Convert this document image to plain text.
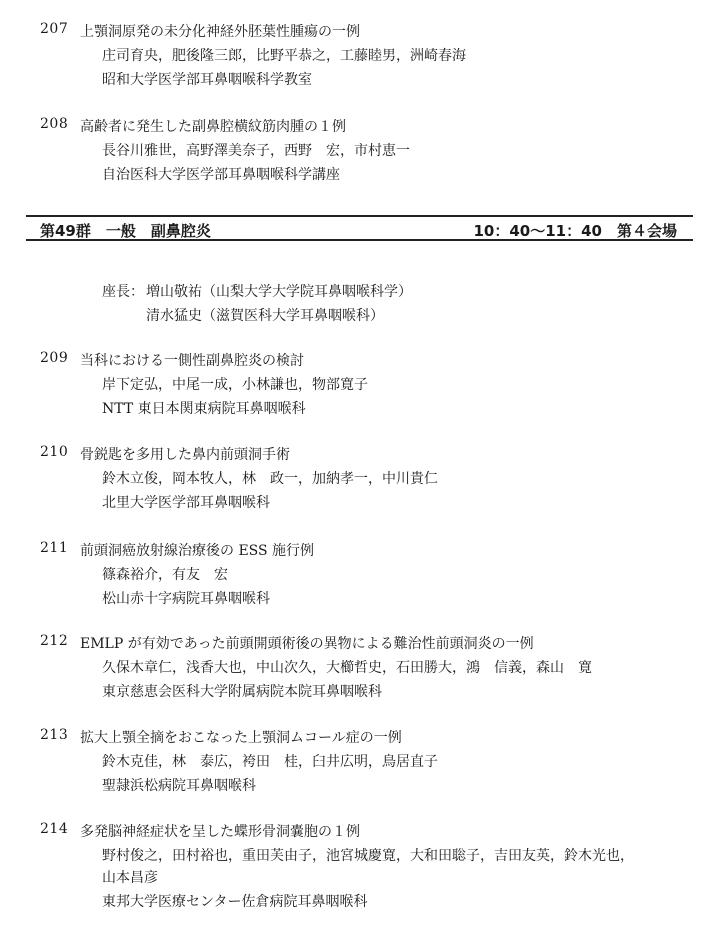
207 上顎洞原発の未分化神経外胚葉性腫瘍の一例
庄司育央，肥後隆三郎，比野平恭之，工藤睦男，洲崎春海
昭和大学医学部耳鼻咽喉科学教室
208 高齢者に発生した副鼻腔横紋筋肉腫の１例
長谷川雅世，高野澤美奈子，西野　宏，市村恵一
自治医科大学医学部耳鼻咽喉科学講座
第49群　一般　副鼻腔炎	10：40〜11：40　第４会場
座長： 増山敬祐（山梨大学大学院耳鼻咽喉科学）
清水猛史（滋賀医科大学耳鼻咽喉科）
209 当科における一側性副鼻腔炎の検討
岸下定弘，中尾一成，小林謙也，物部寛子
NTT 東日本関東病院耳鼻咽喉科
210 骨鋭匙を多用した鼻内前頭洞手術
鈴木立俊，岡本牧人，林　政一，加納孝一，中川貴仁
北里大学医学部耳鼻咽喉科
211 前頭洞癌放射線治療後の ESS 施行例
篠森裕介，有友　宏
松山赤十字病院耳鼻咽喉科
212 EMLP が有効であった前頭開頭術後の異物による難治性前頭洞炎の一例
久保木章仁，浅香大也，中山次久，大櫛哲史，石田勝大，鴻　信義，森山　寛
東京慈恵会医科大学附属病院本院耳鼻咽喉科
213 拡大上顎全摘をおこなった上顎洞ムコール症の一例
鈴木克佳，林　泰広，袴田　桂，臼井広明，鳥居直子
聖隷浜松病院耳鼻咽喉科
214 多発脳神経症状を呈した蝶形骨洞嚢胞の１例
野村俊之，田村裕也，重田芙由子，池宮城慶寛，大和田聡子，吉田友英，鈴木光也，
山本昌彦
東邦大学医療センター佐倉病院耳鼻咽喉科
